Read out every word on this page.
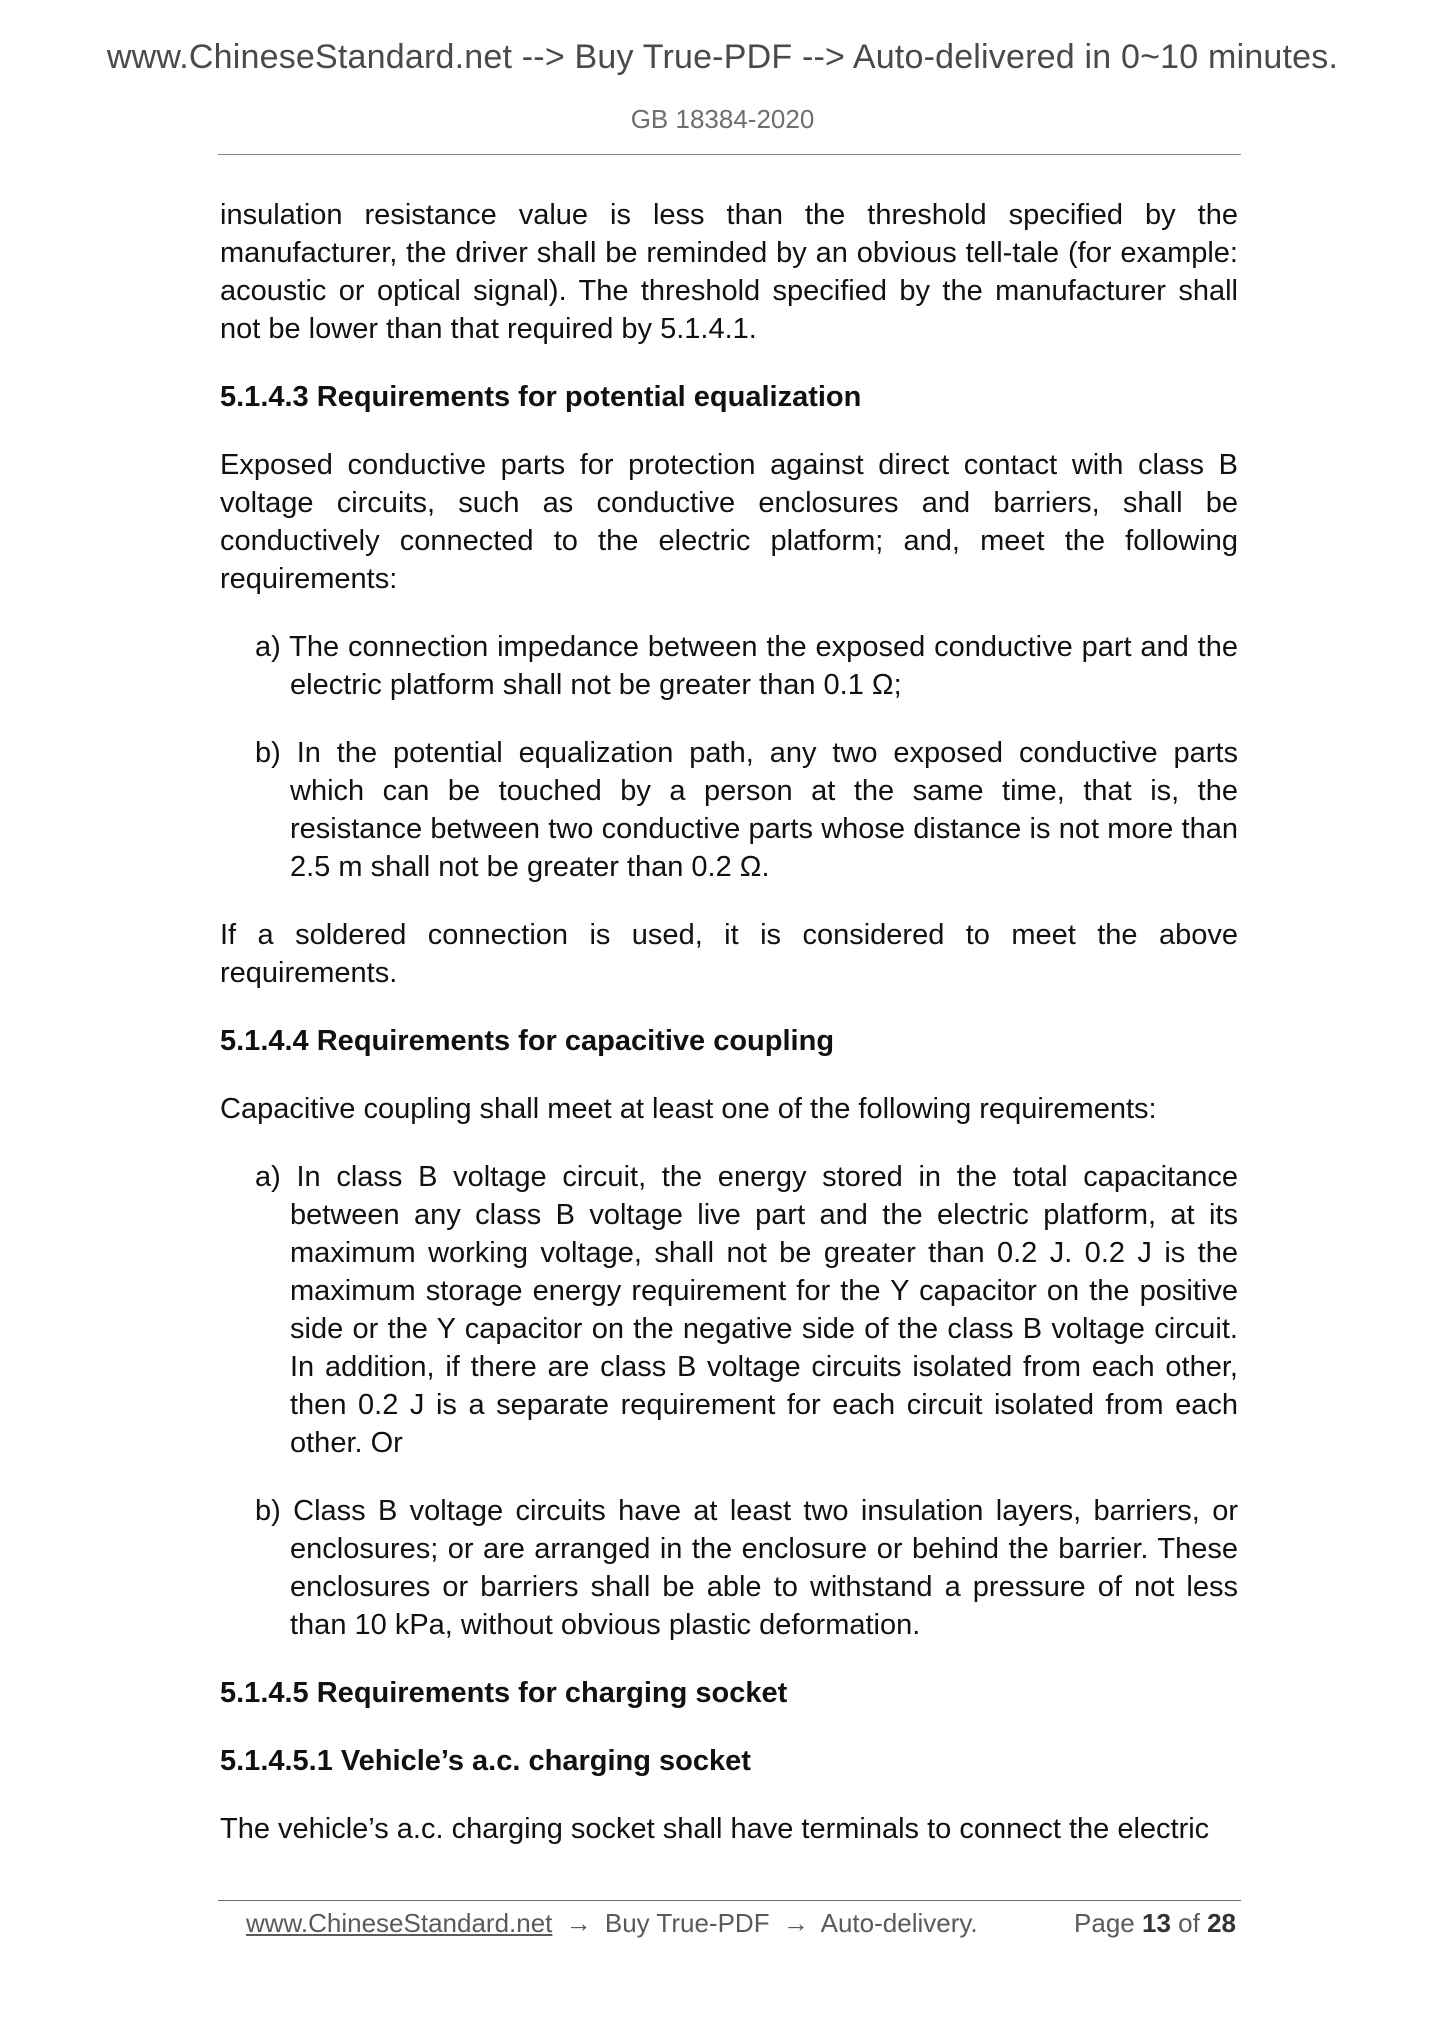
www.ChineseStandard.net --> Buy True-PDF --> Auto-delivered in 0~10 minutes.
GB 18384-2020

insulation resistance value is less than the threshold specified by the manufacturer, the driver shall be reminded by an obvious tell-tale (for example: acoustic or optical signal). The threshold specified by the manufacturer shall not be lower than that required by 5.1.4.1.

5.1.4.3 Requirements for potential equalization

Exposed conductive parts for protection against direct contact with class B voltage circuits, such as conductive enclosures and barriers, shall be conductively connected to the electric platform; and, meet the following requirements:

a) The connection impedance between the exposed conductive part and the electric platform shall not be greater than 0.1 Ω;

b) In the potential equalization path, any two exposed conductive parts which can be touched by a person at the same time, that is, the resistance between two conductive parts whose distance is not more than 2.5 m shall not be greater than 0.2 Ω.

If a soldered connection is used, it is considered to meet the above requirements.

5.1.4.4 Requirements for capacitive coupling

Capacitive coupling shall meet at least one of the following requirements:

a) In class B voltage circuit, the energy stored in the total capacitance between any class B voltage live part and the electric platform, at its maximum working voltage, shall not be greater than 0.2 J. 0.2 J is the maximum storage energy requirement for the Y capacitor on the positive side or the Y capacitor on the negative side of the class B voltage circuit. In addition, if there are class B voltage circuits isolated from each other, then 0.2 J is a separate requirement for each circuit isolated from each other. Or

b) Class B voltage circuits have at least two insulation layers, barriers, or enclosures; or are arranged in the enclosure or behind the barrier. These enclosures or barriers shall be able to withstand a pressure of not less than 10 kPa, without obvious plastic deformation.

5.1.4.5 Requirements for charging socket

5.1.4.5.1 Vehicle’s a.c. charging socket

The vehicle’s a.c. charging socket shall have terminals to connect the electric

www.ChineseStandard.net → Buy True-PDF → Auto-delivery.	Page 13 of 28
